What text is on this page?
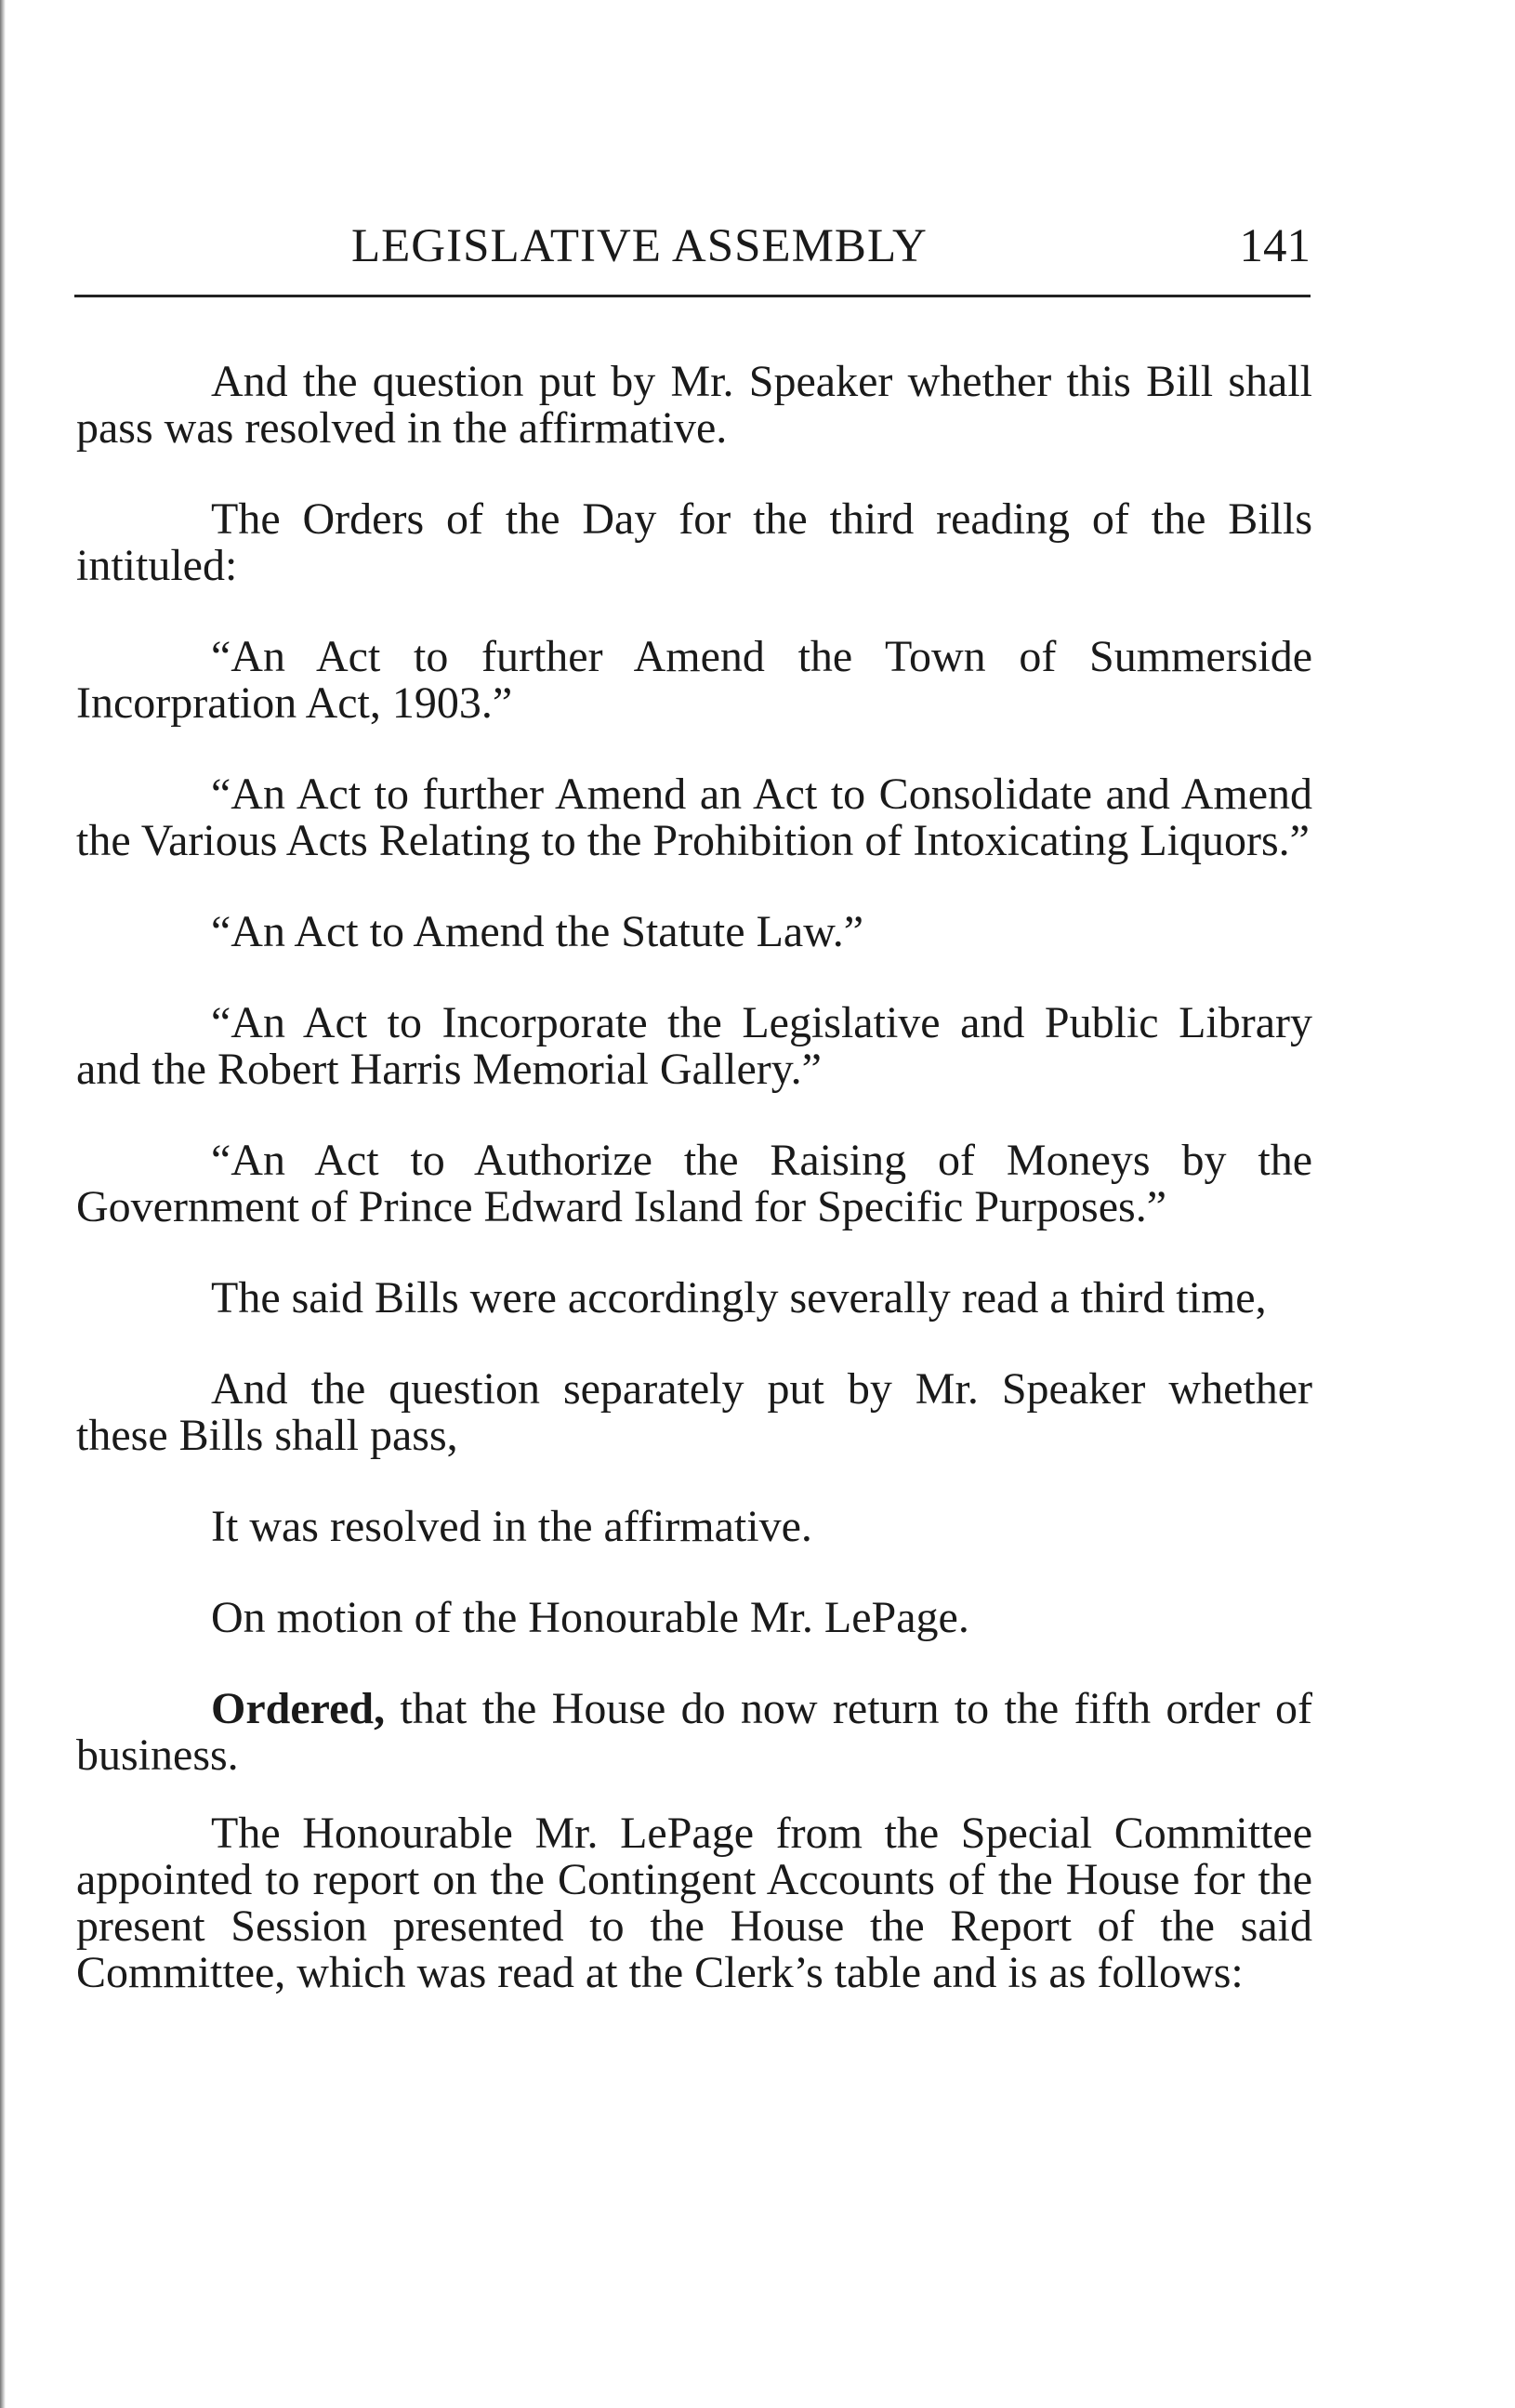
LEGISLATIVE ASSEMBLY	141

And the question put by Mr. Speaker whether this Bill shall pass was resolved in the affirmative.

The Orders of the Day for the third reading of the Bills intituled:

“An Act to further Amend the Town of Summerside Incorpration Act, 1903.”

“An Act to further Amend an Act to Consolidate and Amend the Various Acts Relating to the Prohibition of Intoxicating Liquors.”

“An Act to Amend the Statute Law.”

“An Act to Incorporate the Legislative and Public Library and the Robert Harris Memorial Gallery.”

“An Act to Authorize the Raising of Moneys by the Government of Prince Edward Island for Specific Purposes.”

The said Bills were accordingly severally read a third time,

And the question separately put by Mr. Speaker whether these Bills shall pass,

It was resolved in the affirmative.

On motion of the Honourable Mr. LePage.

Ordered, that the House do now return to the fifth order of business.

The Honourable Mr. LePage from the Special Committee appointed to report on the Contingent Accounts of the House for the present Session presented to the House the Report of the said Committee, which was read at the Clerk’s table and is as follows:
